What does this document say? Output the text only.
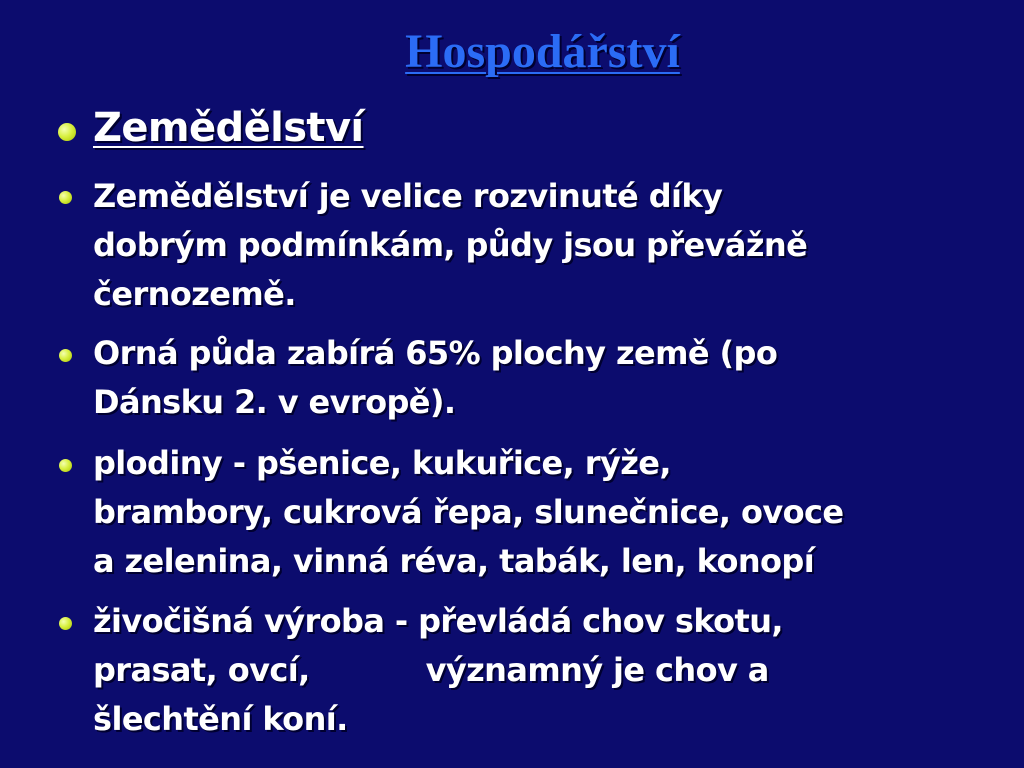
Hospodářství

Zemědělství

Zemědělství je velice rozvinuté díky
dobrým podmínkám, půdy jsou převážně
černozemě.

Orná půda zabírá 65% plochy země (po
Dánsku 2. v evropě).

plodiny - pšenice, kukuřice, rýže,
brambory, cukrová řepa, slunečnice, ovoce
a zelenina, vinná réva, tabák, len, konopí

živočišná výroba - převládá chov skotu,
prasat, ovcí,           významný je chov a
šlechtění koní.
